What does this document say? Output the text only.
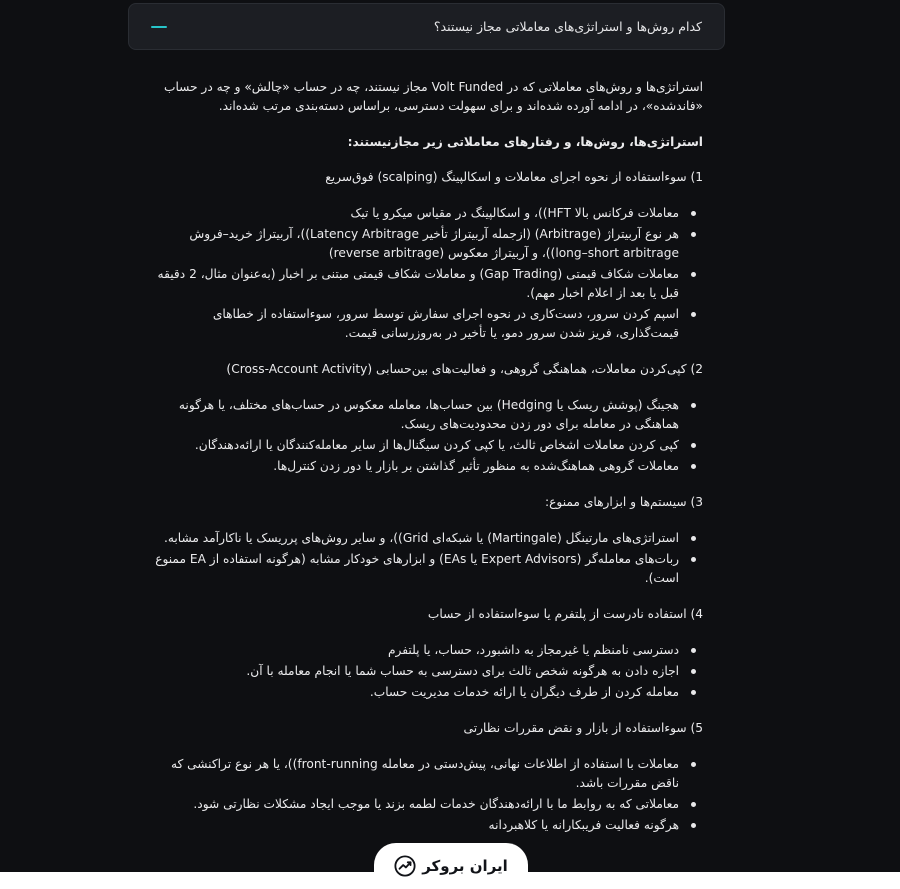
کدام روش‌ها و استراتژی‌های معاملاتی مجاز نیستند؟

استراتژی‌ها و روش‌های معاملاتی که در Volt Funded مجاز نیستند، چه در حساب «چالش» و چه در حساب «فاندشده»، در ادامه آورده شده‌اند و برای سهولت دسترسی، براساس دسته‌بندی مرتب شده‌اند.

استراتژی‌ها، روش‌ها، و رفتارهای معاملاتی زیر مجازنیستند:

1) سوءاستفاده از نحوه اجرای معاملات و اسکالپینگ (scalping) فوق‌سریع

معاملات فرکانس بالا HFT))، و اسکالپینگ در مقیاس میکرو یا تیک
هر نوع آربیتراژ (Arbitrage) (ازجمله آربیتراژ تأخیر Latency Arbitrage))، آربیتراژ خرید–فروش long–short arbitrage))، و آربیتراژ معکوس (reverse arbitrage)
معاملات شکاف قیمتی (Gap Trading) و معاملات شکاف قیمتی مبتنی بر اخبار (به‌عنوان مثال، 2 دقیقه قبل یا بعد از اعلام اخبار مهم).
اسپم کردن سرور، دست‌کاری در نحوه اجرای سفارش توسط سرور، سوءاستفاده از خطاهای قیمت‌گذاری، فریز شدن سرور دمو، یا تأخیر در به‌روزرسانی قیمت.

2) کپی‌کردن معاملات، هماهنگی گروهی، و فعالیت‌های بین‌حسابی (Cross-Account Activity)

هجینگ (پوشش ریسک یا Hedging) بین حساب‌ها، معامله معکوس در حساب‌های مختلف، یا هرگونه هماهنگی در معامله برای دور زدن محدودیت‌های ریسک.
کپی کردن معاملات اشخاص ثالث، یا کپی کردن سیگنال‌ها از سایر معامله‌کنندگان یا ارائه‌دهندگان.
معاملات گروهی هماهنگ‌شده به منظور تأثیر گذاشتن بر بازار یا دور زدن کنترل‌ها.

3) سیستم‌ها و ابزارهای ممنوع:

استراتژی‌های مارتینگل (Martingale) یا شبکه‌ای Grid))، و سایر روش‌های پرریسک یا ناکارآمد مشابه.
ربات‌های معامله‌گر (Expert Advisors یا EAs) و ابزارهای خودکار مشابه (هرگونه استفاده از EA ممنوع است).

4) استفاده نادرست از پلتفرم یا سوءاستفاده از حساب

دسترسی نامنظم یا غیرمجاز به داشبورد، حساب، یا پلتفرم
اجازه دادن به هرگونه شخص ثالث برای دسترسی به حساب شما یا انجام معامله با آن.
معامله کردن از طرف دیگران یا ارائه خدمات مدیریت حساب.

5) سوءاستفاده از بازار و نقض مقررات نظارتی

معاملات با استفاده از اطلاعات نهانی، پیش‌دستی در معامله front-running))، یا هر نوع تراکنشی که ناقض مقررات باشد.
معاملاتی که به روابط ما با ارائه‌دهندگان خدمات لطمه بزند یا موجب ایجاد مشکلات نظارتی شود.
هرگونه فعالیت فریبکارانه یا کلاهبردانه
ایران بروکر
